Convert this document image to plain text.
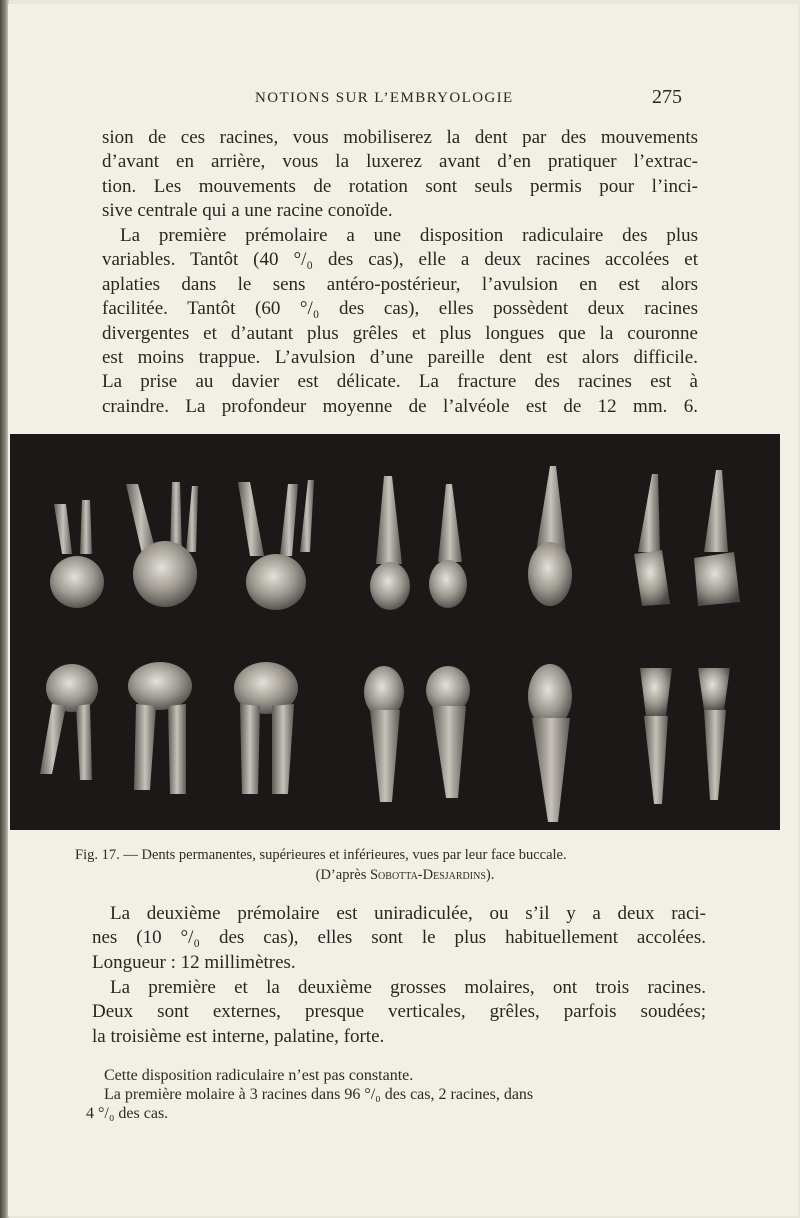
NOTIONS SUR L’EMBRYOLOGIE	275

sion de ces racines, vous mobiliserez la dent par des mouvements
d’avant en arrière, vous la luxerez avant d’en pratiquer l’extrac-
tion. Les mouvements de rotation sont seuls permis pour l’inci-
sive centrale qui a une racine conoïde.

La première prémolaire a une disposition radiculaire des plus
variables. Tantôt (40 °/₀ des cas), elle a deux racines accolées et
aplaties dans le sens antéro-postérieur, l’avulsion en est alors
facilitée. Tantôt (60 °/₀ des cas), elles possèdent deux racines
divergentes et d’autant plus grêles et plus longues que la couronne
est moins trappue. L’avulsion d’une pareille dent est alors difficile.
La prise au davier est délicate. La fracture des racines est à
craindre. La profondeur moyenne de l’alvéole est de 12 mm. 6.

Fig. 17. — Dents permanentes, supérieures et inférieures, vues par leur face buccale.
(D’après Sobotta-Desjardins).

La deuxième prémolaire est uniradiculée, ou s’il y a deux raci-
nes (10 °/₀ des cas), elles sont le plus habituellement accolées.
Longueur : 12 millimètres.

La première et la deuxième grosses molaires, ont trois racines.
Deux sont externes, presque verticales, grêles, parfois soudées;
la troisième est interne, palatine, forte.

Cette disposition radiculaire n’est pas constante.
La première molaire à 3 racines dans 96 °/₀ des cas, 2 racines, dans
4 °/₀ des cas.
